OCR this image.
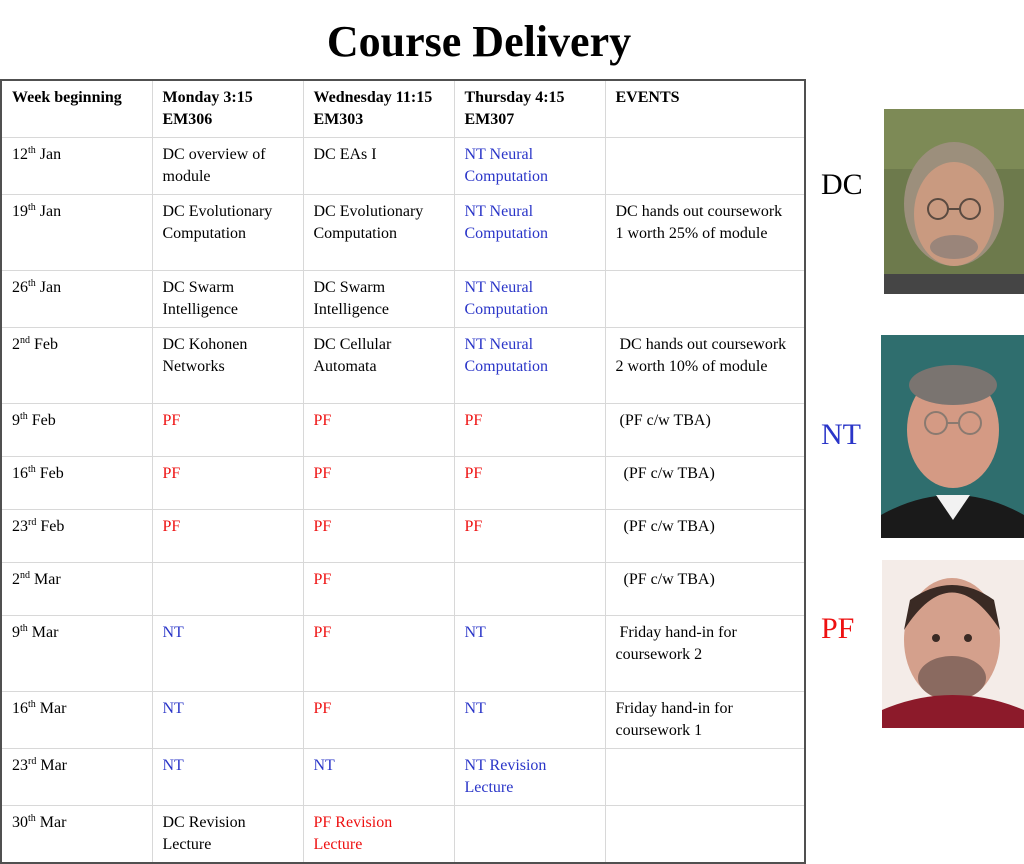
Course Delivery
Week beginning	Monday 3:15 EM306	Wednesday 11:15 EM303	Thursday 4:15 EM307	EVENTS
12th Jan	DC overview of module	DC EAs I	NT Neural Computation	
19th Jan	DC Evolutionary Computation	DC Evolutionary Computation	NT Neural Computation	DC hands out coursework 1 worth 25% of module
26th Jan	DC Swarm Intelligence	DC Swarm Intelligence	NT Neural Computation	
2nd Feb	DC Kohonen Networks	DC Cellular Automata	NT Neural Computation	DC hands out coursework 2 worth 10% of module
9th Feb	PF	PF	PF	(PF c/w TBA)
16th Feb	PF	PF	PF	(PF c/w TBA)
23rd Feb	PF	PF	PF	(PF c/w TBA)
2nd Mar		PF		(PF c/w TBA)
9th Mar	NT	PF	NT	Friday hand-in for coursework 2
16th Mar	NT	PF	NT	Friday hand-in for coursework 1
23rd Mar	NT	NT	NT Revision Lecture	
30th Mar	DC Revision Lecture	PF Revision Lecture		
DC
NT
PF
